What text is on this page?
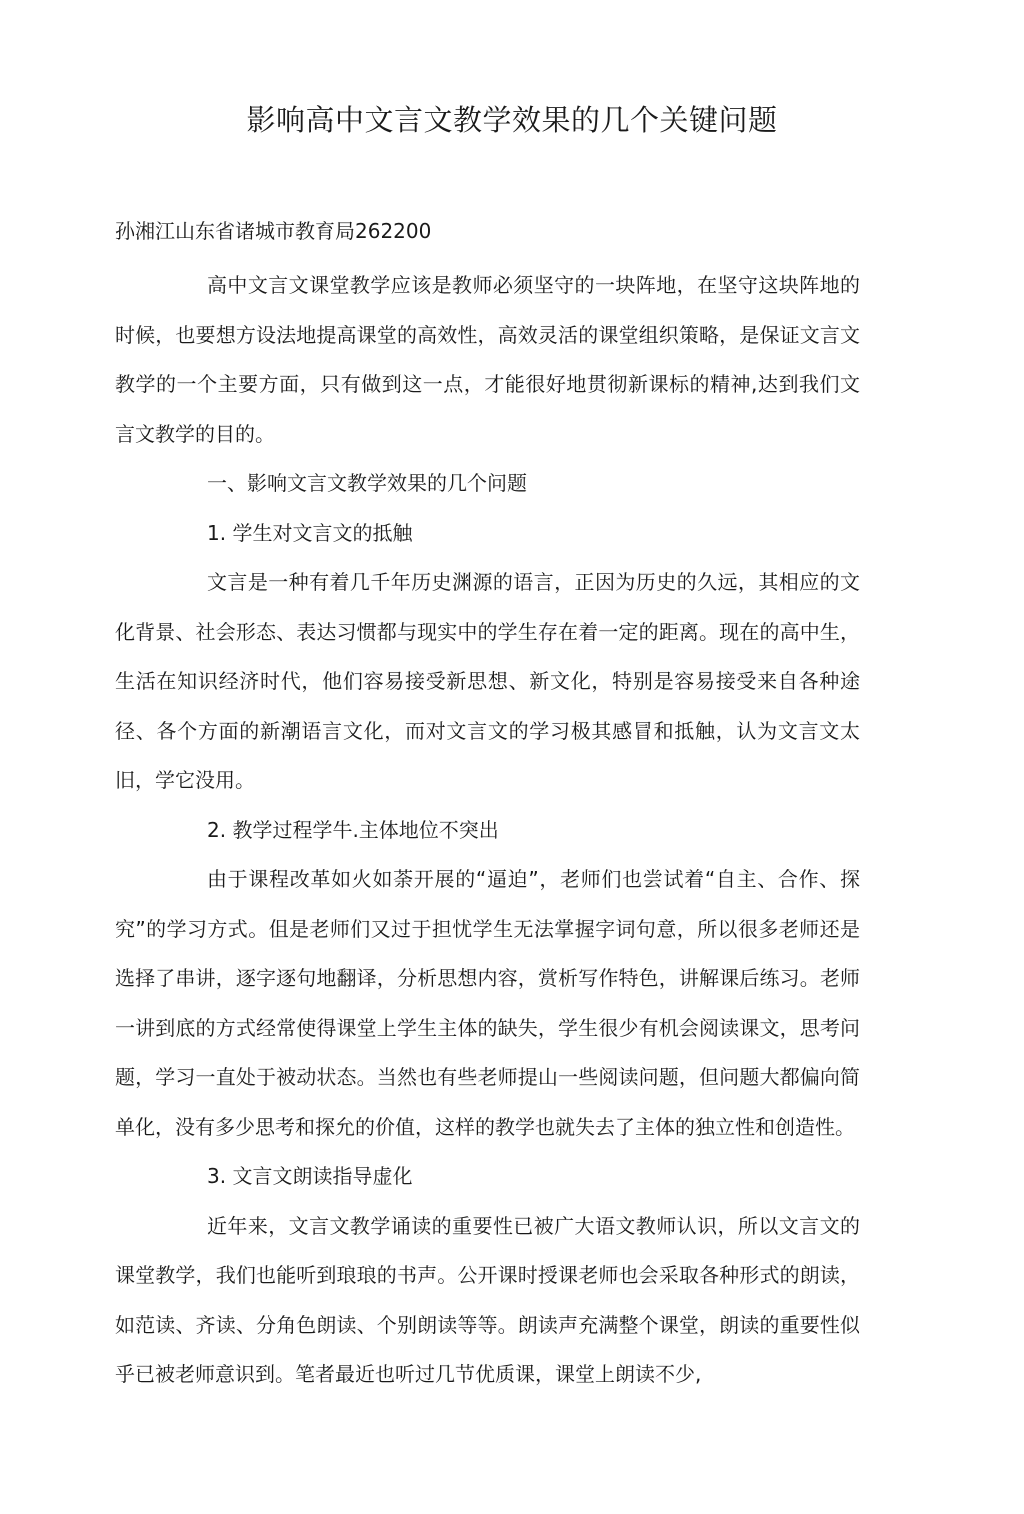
影响高中文言文教学效果的几个关键问题

孙湘江山东省诸城市教育局262200

高中文言文课堂教学应该是教师必须坚守的一块阵地，在坚守这块阵地的时候，也要想方设法地提高课堂的高效性，高效灵活的课堂组织策略，是保证文言文教学的一个主要方面，只有做到这一点，才能很好地贯彻新课标的精神,达到我们文言文教学的目的。

一、影响文言文教学效果的几个问题

1. 学生对文言文的抵触

文言是一种有着几千年历史渊源的语言，正因为历史的久远，其相应的文化背景、社会形态、表达习惯都与现实中的学生存在着一定的距离。现在的高中生，生活在知识经济时代，他们容易接受新思想、新文化，特别是容易接受来自各种途径、各个方面的新潮语言文化，而对文言文的学习极其感冒和抵触，认为文言文太旧，学它没用。

2. 教学过程学牛.主体地位不突出

由于课程改革如火如荼开展的“逼迫”，老师们也尝试着“自主、合作、探究”的学习方式。伹是老师们又过于担忧学生无法掌握字词句意，所以很多老师还是选择了串讲，逐字逐句地翻译，分析思想内容，赏析写作特色，讲解课后练习。老师一讲到底的方式经常使得课堂上学生主体的缺失，学生很少有机会阅读课文，思考问题，学习一直处于被动状态。当然也有些老师提山一些阅读问题，但问题大都偏向简单化，没有多少思考和探允的价值，这样的教学也就失去了主体的独立性和创造性。

3. 文言文朗读指导虚化

近年来，文言文教学诵读的重要性已被广大语文教师认识，所以文言文的课堂教学，我们也能听到琅琅的书声。公开课时授课老师也会采取各种形式的朗读，如范读、齐读、分角色朗读、个别朗读等等。朗读声充满整个课堂，朗读的重要性似乎已被老师意识到。笔者最近也听过几节优质课，课堂上朗读不少,
